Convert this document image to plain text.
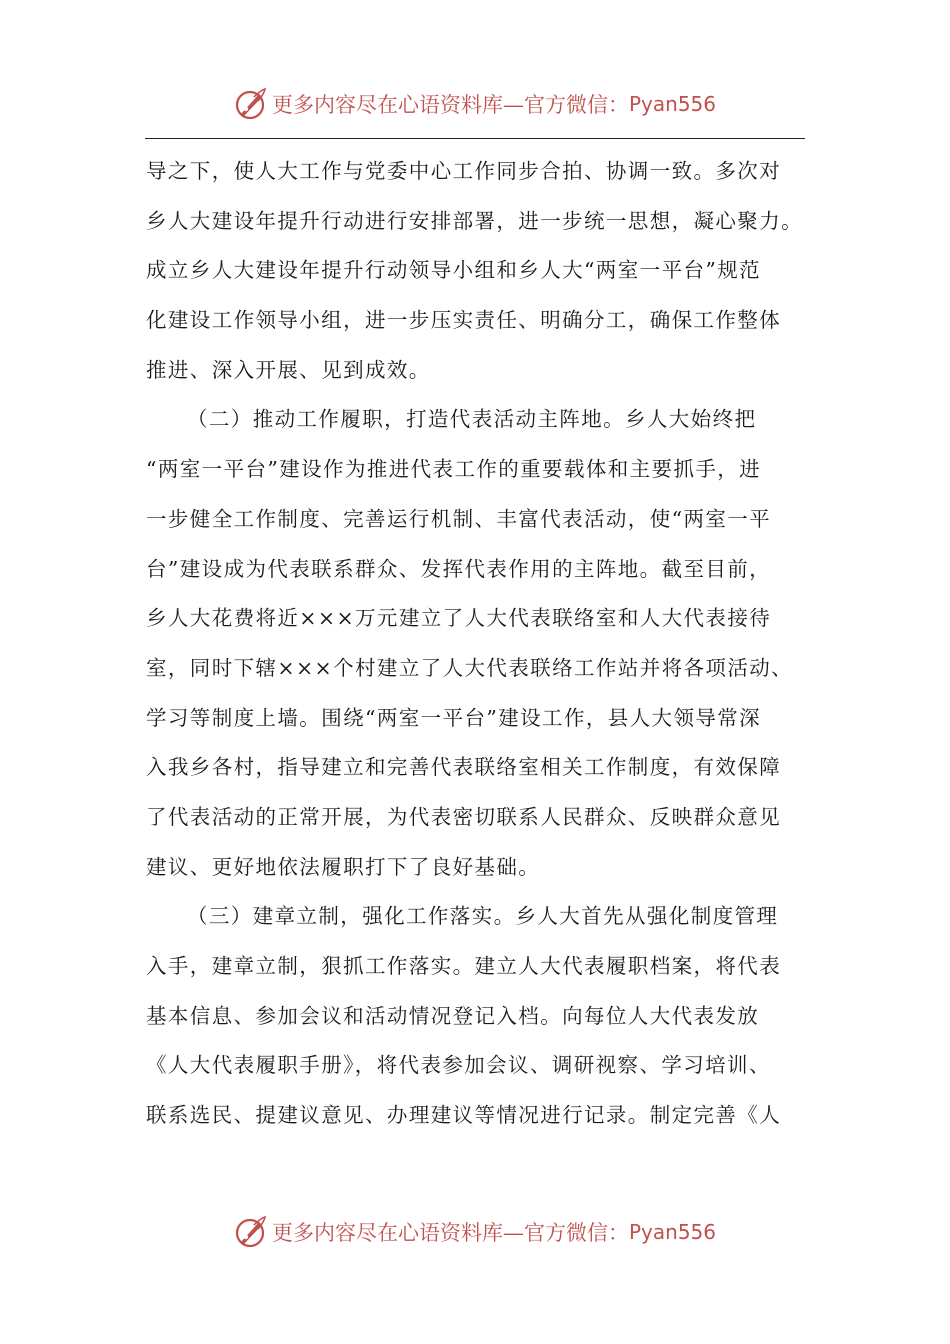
更多内容尽在心语资料库 —官方微信： Pyan556
导之下，使人大工作与党委中心工作同步合拍、协调一致。多次对
乡人大建设年提升行动进行安排部署，进一步统一思想，凝心聚力。
成立乡人大建设年提升行动领导小组和乡人大“两室一平台”规范
化建设工作领导小组，进一步压实责任、明确分工，确保工作整体
推进、深入开展、见到成效。
（二）推动工作履职，打造代表活动主阵地。乡人大始终把
“两室一平台”建设作为推进代表工作的重要载体和主要抓手，进
一步健全工作制度、完善运行机制、丰富代表活动，使“两室一平
台”建设成为代表联系群众、发挥代表作用的主阵地。截至目前，
乡人大花费将近×××万元建立了人大代表联络室和人大代表接待
室，同时下辖×××个村建立了人大代表联络工作站并将各项活动、
学习等制度上墙。围绕“两室一平台”建设工作，县人大领导常深
入我乡各村，指导建立和完善代表联络室相关工作制度，有效保障
了代表活动的正常开展，为代表密切联系人民群众、反映群众意见
建议、更好地依法履职打下了良好基础。
（三）建章立制，强化工作落实。乡人大首先从强化制度管理
入手，建章立制，狠抓工作落实。建立人大代表履职档案，将代表
基本信息、参加会议和活动情况登记入档。向每位人大代表发放
《人大代表履职手册》，将代表参加会议、调研视察、学习培训、
联系选民、提建议意见、办理建议等情况进行记录。制定完善《人
更多内容尽在心语资料库 —官方微信： Pyan556
